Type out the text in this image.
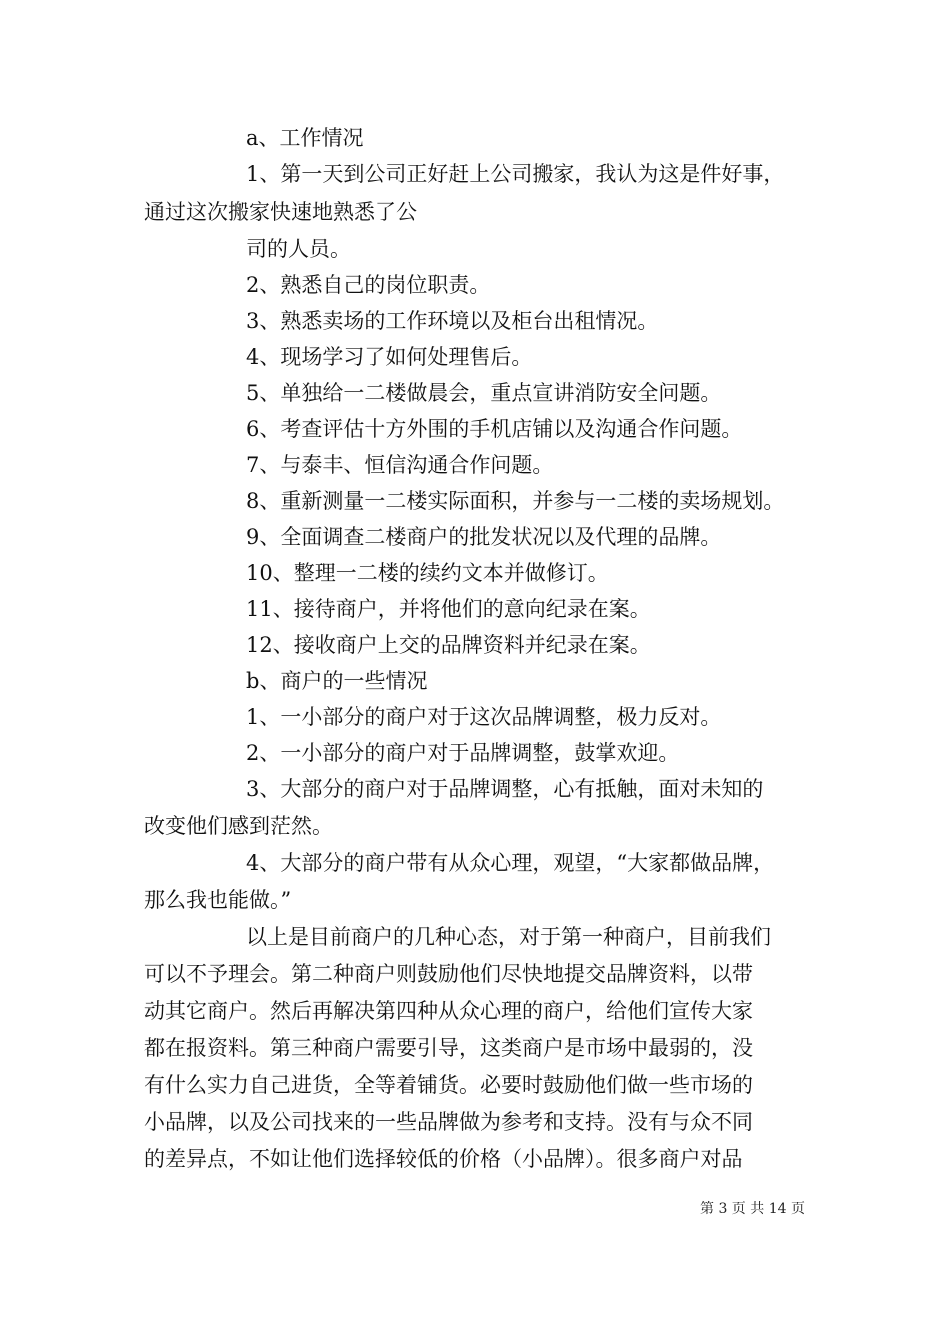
a、工作情况
1、第一天到公司正好赶上公司搬家，我认为这是件好事，
通过这次搬家快速地熟悉了公
司的人员。
2、熟悉自己的岗位职责。
3、熟悉卖场的工作环境以及柜台出租情况。
4、现场学习了如何处理售后。
5、单独给一二楼做晨会，重点宣讲消防安全问题。
6、考查评估十方外围的手机店铺以及沟通合作问题。
7、与泰丰、恒信沟通合作问题。
8、重新测量一二楼实际面积，并参与一二楼的卖场规划。
9、全面调查二楼商户的批发状况以及代理的品牌。
10、整理一二楼的续约文本并做修订。
11、接待商户，并将他们的意向纪录在案。
12、接收商户上交的品牌资料并纪录在案。
b、商户的一些情况
1、一小部分的商户对于这次品牌调整，极力反对。
2、一小部分的商户对于品牌调整，鼓掌欢迎。
3、大部分的商户对于品牌调整，心有抵触，面对未知的
改变他们感到茫然。
4、大部分的商户带有从众心理，观望，“大家都做品牌，
那么我也能做。”
以上是目前商户的几种心态，对于第一种商户，目前我们
可以不予理会。第二种商户则鼓励他们尽快地提交品牌资料，以带
动其它商户。然后再解决第四种从众心理的商户，给他们宣传大家
都在报资料。第三种商户需要引导，这类商户是市场中最弱的，没
有什么实力自己进货，全等着铺货。必要时鼓励他们做一些市场的
小品牌，以及公司找来的一些品牌做为参考和支持。没有与众不同
的差异点，不如让他们选择较低的价格（小品牌）。很多商户对品
第 3 页 共 14 页
